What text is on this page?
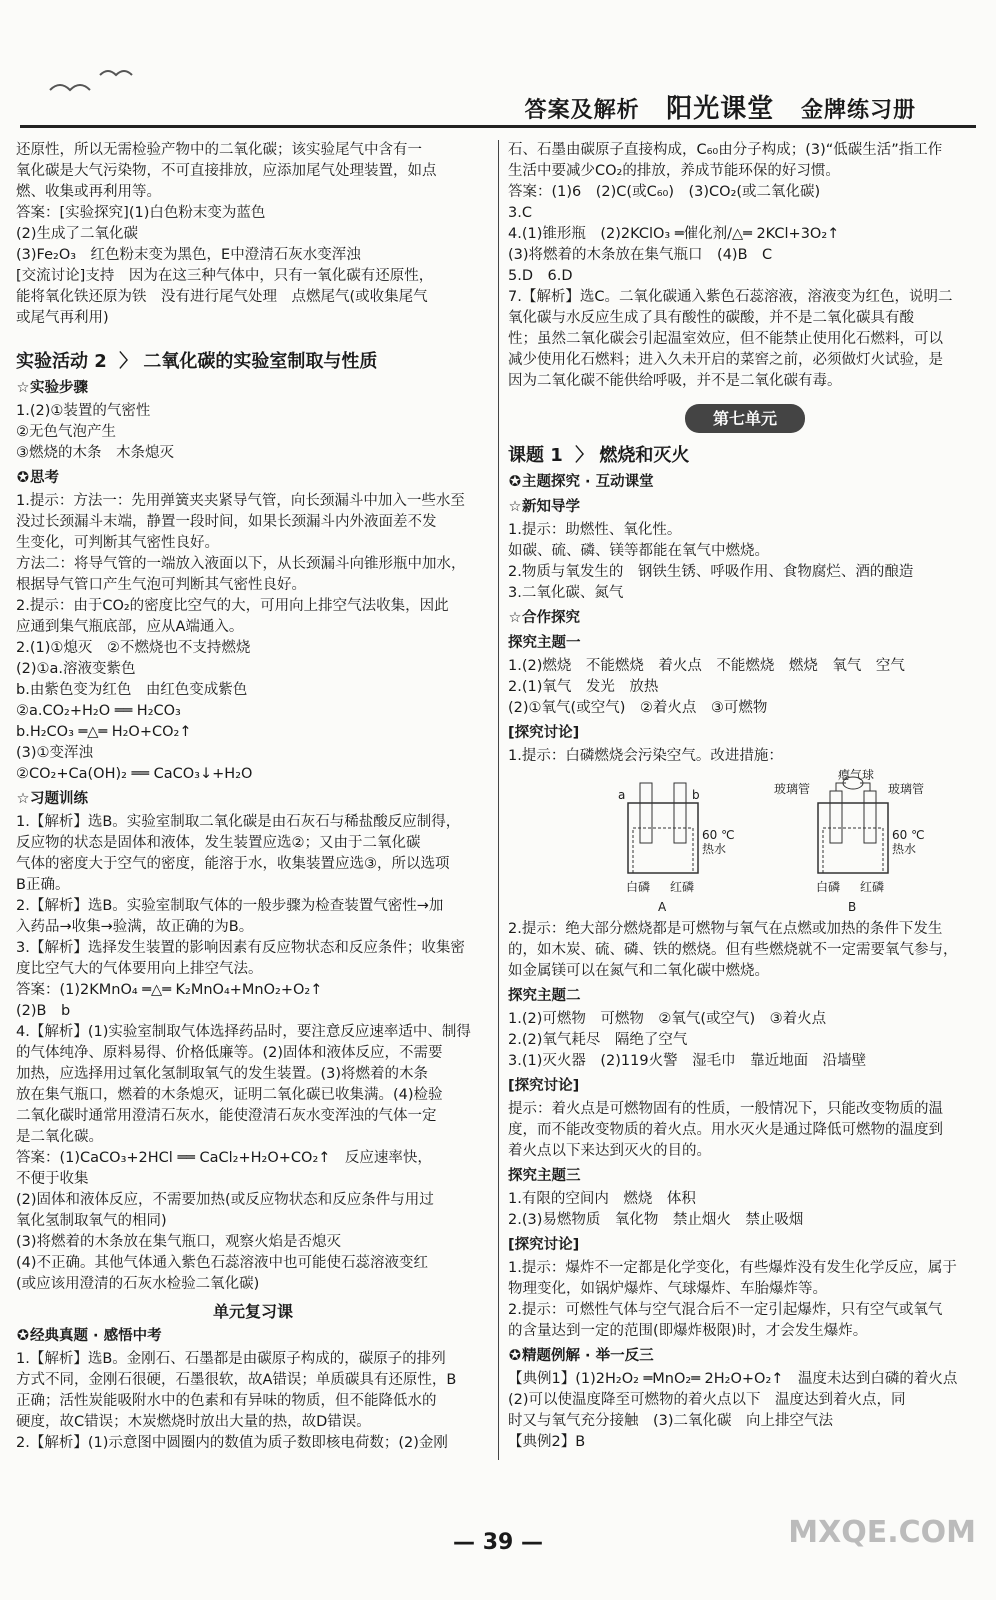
答案及解析 阳光课堂 金牌练习册
还原性，所以无需检验产物中的二氧化碳；该实验尾气中含有一
氧化碳是大气污染物，不可直接排放，应添加尾气处理装置，如点
燃、收集或再利用等。
答案：[实验探究](1)白色粉末变为蓝色
(2)生成了二氧化碳
(3)Fe₂O₃　红色粉末变为黑色，E中澄清石灰水变浑浊
[交流讨论]支持　因为在这三种气体中，只有一氧化碳有还原性，
能将氧化铁还原为铁　没有进行尾气处理　点燃尾气(或收集尾气
或尾气再利用)
实验活动 2 〉 二氧化碳的实验室制取与性质
☆实验步骤
1.(2)①装置的气密性
②无色气泡产生
③燃烧的木条　木条熄灭
✪思考
1.提示：方法一：先用弹簧夹夹紧导气管，向长颈漏斗中加入一些水至
没过长颈漏斗末端，静置一段时间，如果长颈漏斗内外液面差不发
生变化，可判断其气密性良好。
方法二：将导气管的一端放入液面以下，从长颈漏斗向锥形瓶中加水，
根据导气管口产生气泡可判断其气密性良好。
2.提示：由于CO₂的密度比空气的大，可用向上排空气法收集，因此
应通到集气瓶底部，应从A端通入。
2.(1)①熄灭　②不燃烧也不支持燃烧
(2)①a.溶液变紫色
b.由紫色变为红色　由红色变成紫色
②a.CO₂+H₂O ══ H₂CO₃
b.H₂CO₃ ═△═ H₂O+CO₂↑
(3)①变浑浊
②CO₂+Ca(OH)₂ ══ CaCO₃↓+H₂O
☆习题训练
1.【解析】选B。实验室制取二氧化碳是由石灰石与稀盐酸反应制得，
反应物的状态是固体和液体，发生装置应选②；又由于二氧化碳
气体的密度大于空气的密度，能溶于水，收集装置应选③，所以选项
B正确。
2.【解析】选B。实验室制取气体的一般步骤为检查装置气密性→加
入药品→收集→验满，故正确的为B。
3.【解析】选择发生装置的影响因素有反应物状态和反应条件；收集密
度比空气大的气体要用向上排空气法。
答案：(1)2KMnO₄ ═△═ K₂MnO₄+MnO₂+O₂↑
(2)B　b
4.【解析】(1)实验室制取气体选择药品时，要注意反应速率适中、制得
的气体纯净、原料易得、价格低廉等。(2)固体和液体反应，不需要
加热，应选择用过氧化氢制取氧气的发生装置。(3)将燃着的木条
放在集气瓶口，燃着的木条熄灭，证明二氧化碳已收集满。(4)检验
二氧化碳时通常用澄清石灰水，能使澄清石灰水变浑浊的气体一定
是二氧化碳。
答案：(1)CaCO₃+2HCl ══ CaCl₂+H₂O+CO₂↑　反应速率快，
不便于收集
(2)固体和液体反应，不需要加热(或反应物状态和反应条件与用过
氧化氢制取氧气的相同)
(3)将燃着的木条放在集气瓶口，观察火焰是否熄灭
(4)不正确。其他气体通入紫色石蕊溶液中也可能使石蕊溶液变红
(或应该用澄清的石灰水检验二氧化碳)
单元复习课
✪经典真题 · 感悟中考
1.【解析】选B。金刚石、石墨都是由碳原子构成的，碳原子的排列
方式不同，金刚石很硬，石墨很软，故A错误；单质碳具有还原性，B
正确；活性炭能吸附水中的色素和有异味的物质，但不能降低水的
硬度，故C错误；木炭燃烧时放出大量的热，故D错误。
2.【解析】(1)示意图中圆圈内的数值为质子数即核电荷数；(2)金刚
石、石墨由碳原子直接构成，C₆₀由分子构成；(3)“低碳生活”指工作
生活中要减少CO₂的排放，养成节能环保的好习惯。
答案：(1)6　(2)C(或C₆₀)　(3)CO₂(或二氧化碳)
3.C
4.(1)锥形瓶　(2)2KClO₃ ═催化剂/△═ 2KCl+3O₂↑
(3)将燃着的木条放在集气瓶口　(4)B　C
5.D　6.D
7.【解析】选C。二氧化碳通入紫色石蕊溶液，溶液变为红色，说明二
氧化碳与水反应生成了具有酸性的碳酸，并不是二氧化碳具有酸
性；虽然二氧化碳会引起温室效应，但不能禁止使用化石燃料，可以
减少使用化石燃料；进入久未开启的菜窖之前，必须做灯火试验，是
因为二氧化碳不能供给呼吸，并不是二氧化碳有毒。
第七单元
课题 1 〉 燃烧和灭火
✪主题探究 · 互动课堂
☆新知导学
1.提示：助燃性、氧化性。
如碳、硫、磷、镁等都能在氧气中燃烧。
2.物质与氧发生的　钢铁生锈、呼吸作用、食物腐烂、酒的酿造
3.二氧化碳、氮气
☆合作探究
探究主题一
1.(2)燃烧　不能燃烧　着火点　不能燃烧　燃烧　氧气　空气
2.(1)氧气　发光　放热
(2)①氧气(或空气)　②着火点　③可燃物
[探究讨论]
1.提示：白磷燃烧会污染空气。改进措施：
a	b
60 ℃
热水
白磷 红磷
A
瘪气球
玻璃管	玻璃管
60 ℃
热水
白磷 红磷
B
2.提示：绝大部分燃烧都是可燃物与氧气在点燃或加热的条件下发生
的，如木炭、硫、磷、铁的燃烧。但有些燃烧就不一定需要氧气参与，
如金属镁可以在氮气和二氧化碳中燃烧。
探究主题二
1.(2)可燃物　可燃物　②氧气(或空气)　③着火点
2.(2)氧气耗尽　隔绝了空气
3.(1)灭火器　(2)119火警　湿毛巾　靠近地面　沿墙壁
[探究讨论]
提示：着火点是可燃物固有的性质，一般情况下，只能改变物质的温
度，而不能改变物质的着火点。用水灭火是通过降低可燃物的温度到
着火点以下来达到灭火的目的。
探究主题三
1.有限的空间内　燃烧　体积
2.(3)易燃物质　氧化物　禁止烟火　禁止吸烟
[探究讨论]
1.提示：爆炸不一定都是化学变化，有些爆炸没有发生化学反应，属于
物理变化，如锅炉爆炸、气球爆炸、车胎爆炸等。
2.提示：可燃性气体与空气混合后不一定引起爆炸，只有空气或氧气
的含量达到一定的范围(即爆炸极限)时，才会发生爆炸。
✪精题例解 · 举一反三
【典例1】(1)2H₂O₂ ═MnO₂═ 2H₂O+O₂↑　温度未达到白磷的着火点
(2)可以使温度降至可燃物的着火点以下　温度达到着火点，同
时又与氧气充分接触　(3)二氧化碳　向上排空气法
【典例2】B
— 39 —	MXQE.COM
